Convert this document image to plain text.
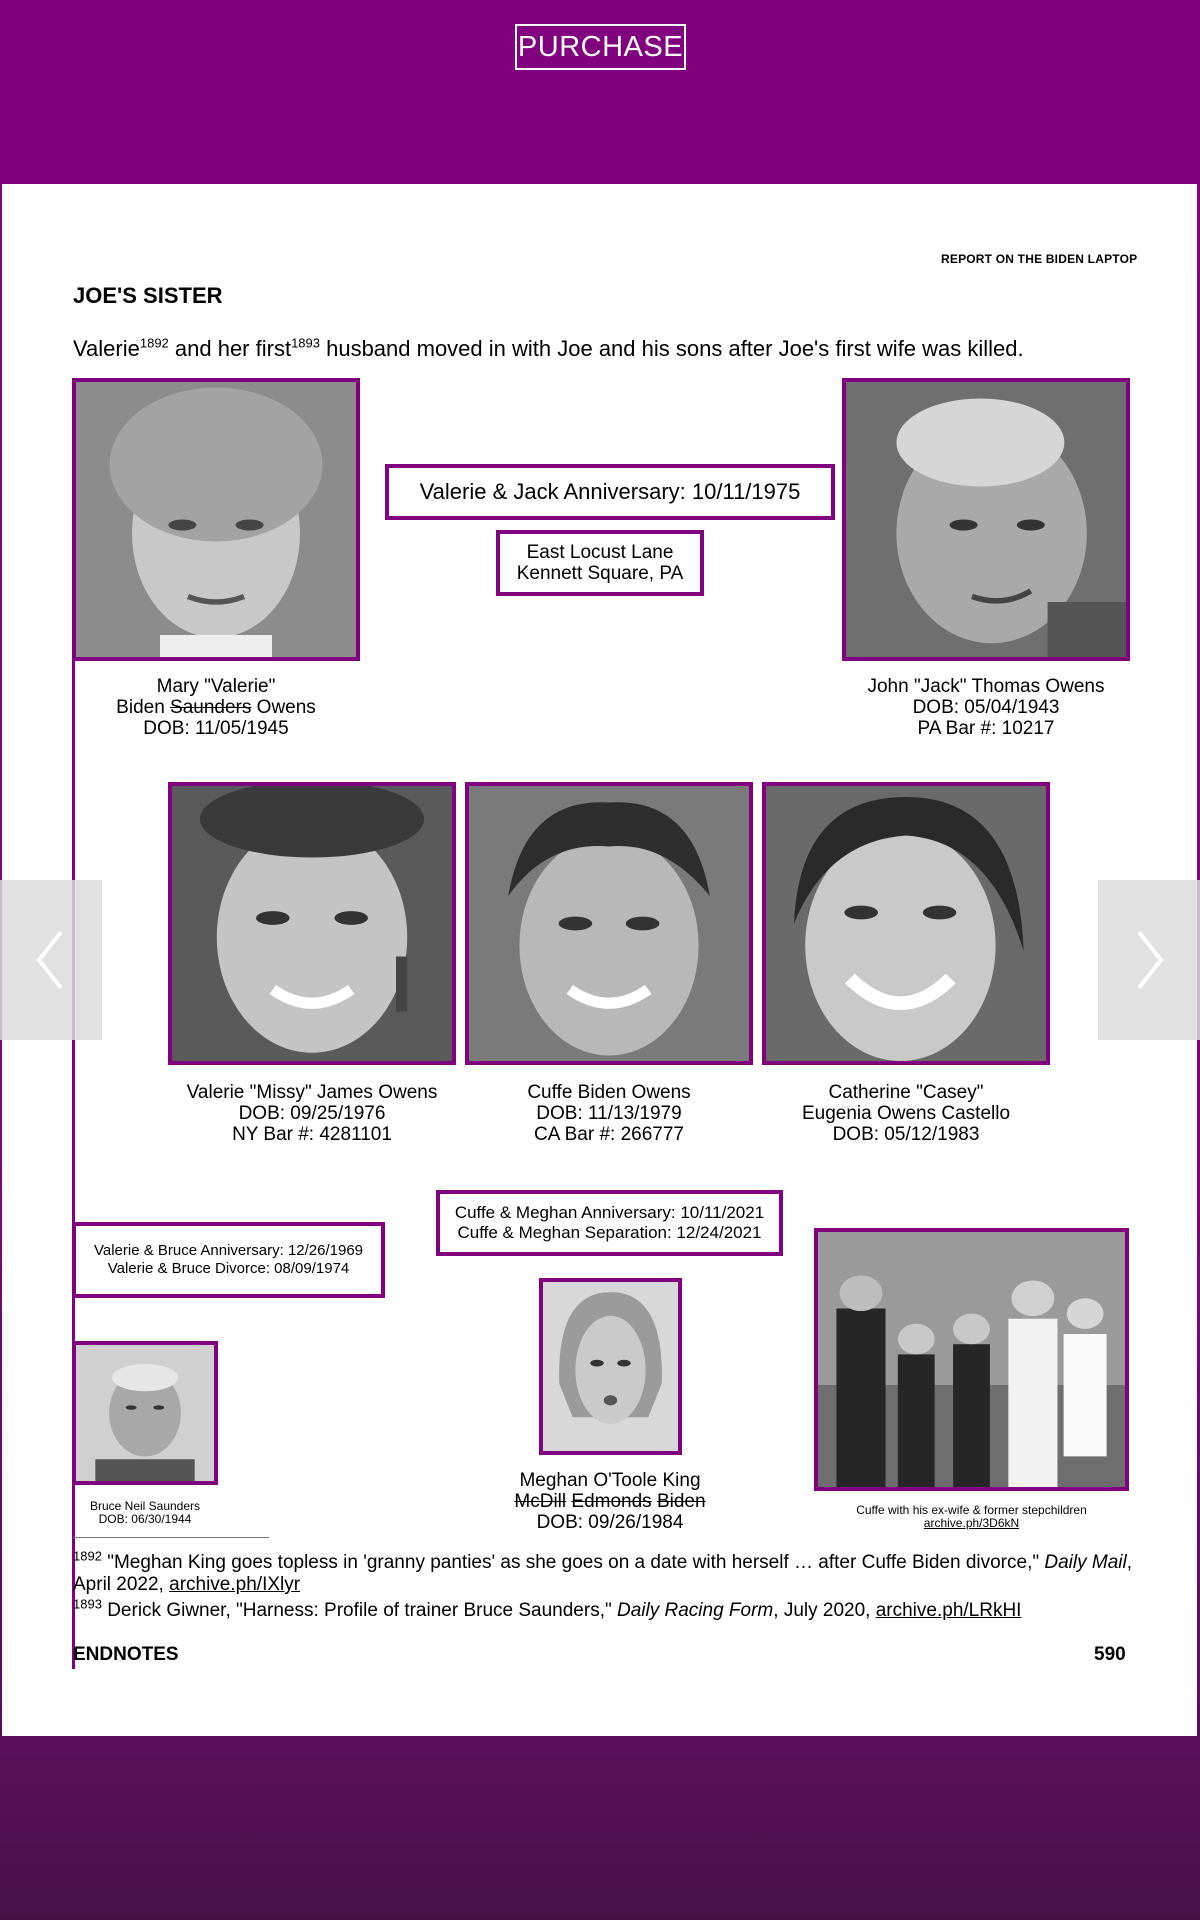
PURCHASE
REPORT ON THE BIDEN LAPTOP
JOE'S SISTER
Valerie$^{1892}$ and her first$^{1893}$ husband moved in with Joe and his sons after Joe's first wife was killed.
Mary "Valerie"
Biden Saunders Owens
DOB: 11/05/1945
Valerie & Jack Anniversary: 10/11/1975
East Locust Lane
Kennett Square, PA
John "Jack" Thomas Owens
DOB: 05/04/1943
PA Bar #: 10217
Valerie "Missy" James Owens
DOB: 09/25/1976
NY Bar #: 4281101
Cuffe Biden Owens
DOB: 11/13/1979
CA Bar #: 266777
Catherine "Casey"
Eugenia Owens Castello
DOB: 05/12/1983
Cuffe & Meghan Anniversary: 10/11/2021
Cuffe & Meghan Separation: 12/24/2021
Valerie & Bruce Anniversary: 12/26/1969
Valerie & Bruce Divorce: 08/09/1974
Bruce Neil Saunders
DOB: 06/30/1944
Meghan O'Toole King
McDill Edmonds Biden
DOB: 09/26/1984
Cuffe with his ex-wife & former stepchildren
archive.ph/3D6kN
$^{1892}$ "Meghan King goes topless in 'granny panties' as she goes on a date with herself … after Cuffe Biden divorce," Daily Mail, April 2022, archive.ph/IXlyr
$^{1893}$ Derick Giwner, "Harness: Profile of trainer Bruce Saunders," Daily Racing Form, July 2020, archive.ph/LRkHI
ENDNOTES	590
